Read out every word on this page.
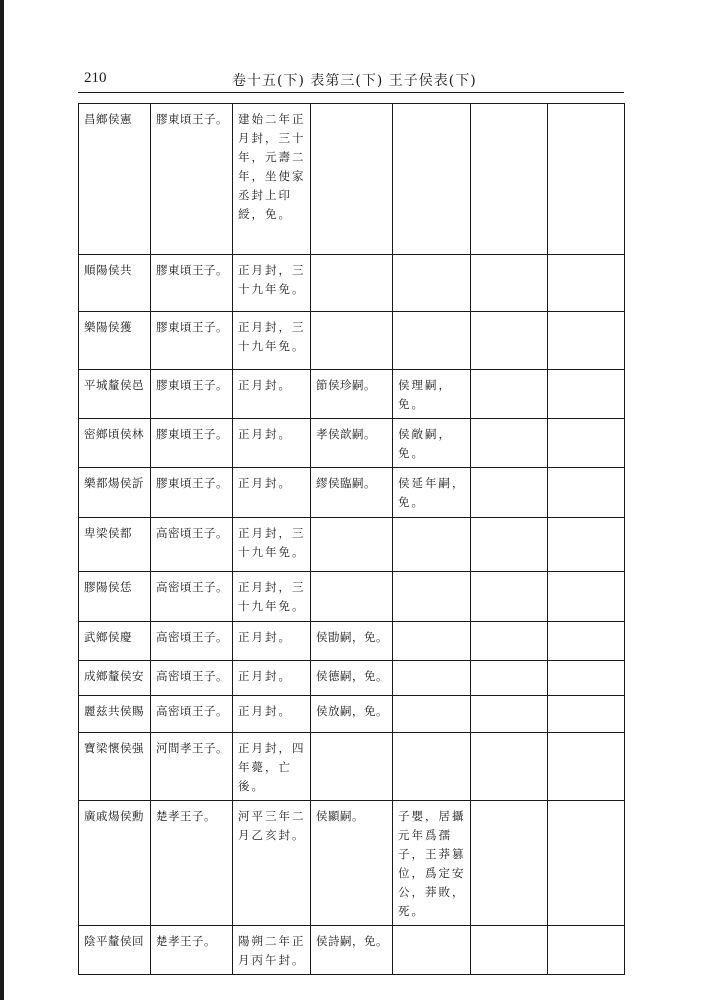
210	卷十五(下) 表第三(下) 王子侯表(下)
昌鄉侯憲	膠東頃王子。	建始二年正月封，三十年，元壽二年，坐使家丞封上印綬，免。				
順陽侯共	膠東頃王子。	正月封，三十九年免。				
樂陽侯獲	膠東頃王子。	正月封，三十九年免。				
平城釐侯邑	膠東頃王子。	正月封。	節侯珍嗣。	侯理嗣，免。		
密鄉頃侯林	膠東頃王子。	正月封。	孝侯歆嗣。	侯敞嗣，免。		
樂都煬侯訢	膠東頃王子。	正月封。	繆侯臨嗣。	侯延年嗣，免。		
卑梁侯都	高密頃王子。	正月封，三十九年免。				
膠陽侯恁	高密頃王子。	正月封，三十九年免。				
武鄉侯慶	高密頃王子。	正月封。	侯勖嗣，免。			
成鄉釐侯安	高密頃王子。	正月封。	侯德嗣，免。			
麗兹共侯賜	高密頃王子。	正月封。	侯放嗣，免。			
寶梁懷侯强	河間孝王子。	正月封，四年薨，亡後。				
廣戚煬侯勳	楚孝王子。	河平三年二月乙亥封。	侯顯嗣。	子嬰，居攝元年爲孺子，王莽篡位，爲定安公，莽敗，死。		
陰平釐侯回	楚孝王子。	陽朔二年正月丙午封。	侯詩嗣，免。			
